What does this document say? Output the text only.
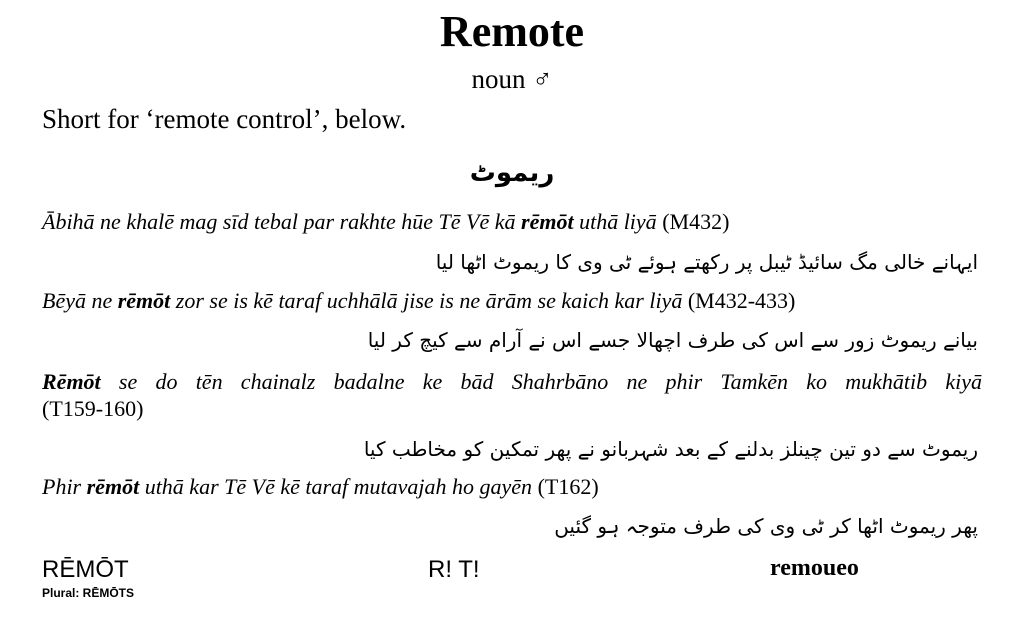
Remote
noun ♂
Short for ‘remote control’, below.
ریموٹ
Ābihā ne khalē mag sīd tebal par rakhte hūe Tē Vē kā rēmōt uthā liyā (M432)
ایہانے خالی مگ سائیڈ ٹیبل پر رکھتے ہوئے ٹی وی کا ریموٹ اٹھا لیا
Bēyā ne rēmōt zor se is kē taraf uchhālā jise is ne ārām se kaich kar liyā (M432-433)
بیانے ریموٹ زور سے اس کی طرف اچھالا جسے اس نے آرام سے کیچ کر لیا
Rēmōt se do tēn chainalz badalne ke bād Shahrbāno ne phir Tamkēn ko mukhātib kiyā
(T159-160)
ریموٹ سے دو تین چینلز بدلنے کے بعد شہربانو نے پھر تمکین کو مخاطب کیا
Phir rēmōt uthā kar Tē Vē kē taraf mutavajah ho gayēn (T162)
پھر ریموٹ اٹھا کر ٹی وی کی طرف متوجہ ہو گئیں
RĒMŌT
Plural: RĒMŌTS
R! T!	remoueo
